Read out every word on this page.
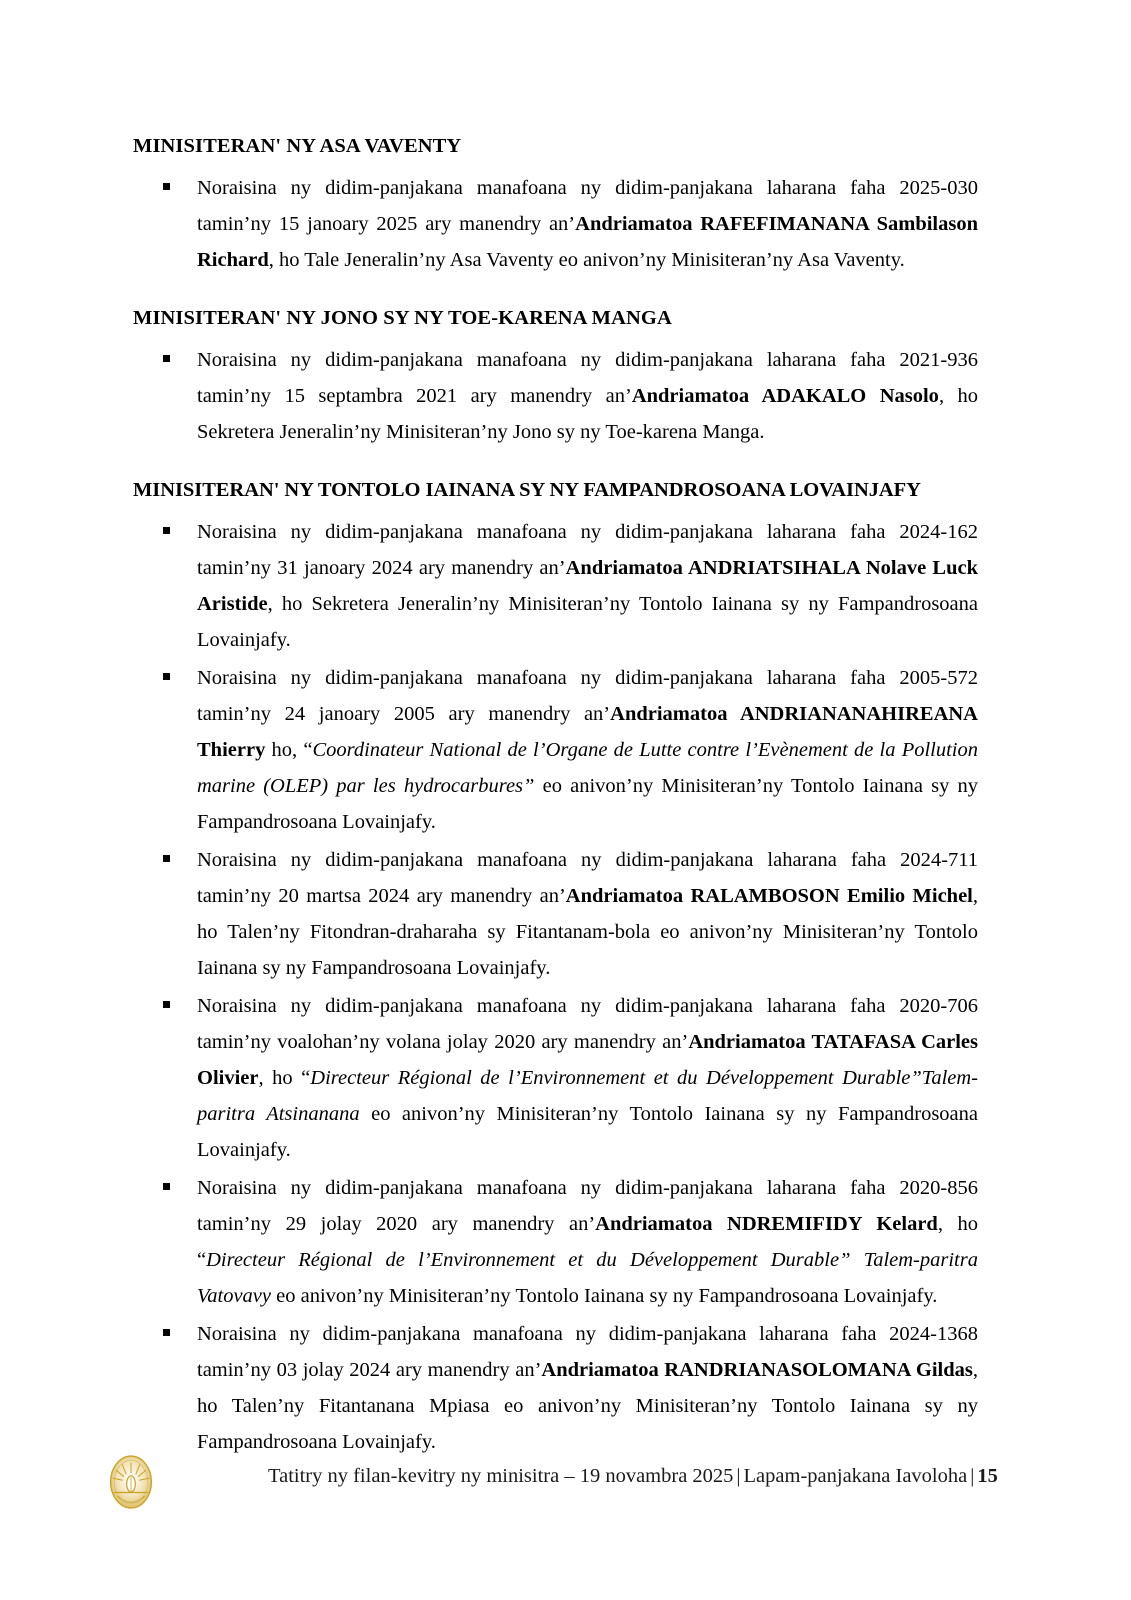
MINISITERAN' NY ASA VAVENTY
Noraisina ny didim-panjakana manafoana ny didim-panjakana laharana faha 2025-030 tamin’ny 15 janoary 2025 ary manendry an’Andriamatoa RAFEFIMANANA Sambilason Richard, ho Tale Jeneralin’ny Asa Vaventy eo anivon’ny Minisiteran’ny Asa Vaventy.
MINISITERAN' NY JONO SY NY TOE-KARENA MANGA
Noraisina ny didim-panjakana manafoana ny didim-panjakana laharana faha 2021-936 tamin’ny 15 septambra 2021 ary manendry an’Andriamatoa ADAKALO Nasolo, ho Sekretera Jeneralin’ny Minisiteran’ny Jono sy ny Toe-karena Manga.
MINISITERAN' NY TONTOLO IAINANA SY NY FAMPANDROSOANA LOVAINJAFY
Noraisina ny didim-panjakana manafoana ny didim-panjakana laharana faha 2024-162 tamin’ny 31 janoary 2024 ary manendry an’Andriamatoa ANDRIATSIHALA Nolave Luck Aristide, ho Sekretera Jeneralin’ny Minisiteran’ny Tontolo Iainana sy ny Fampandrosoana Lovainjafy.
Noraisina ny didim-panjakana manafoana ny didim-panjakana laharana faha 2005-572 tamin’ny 24 janoary 2005 ary manendry an’Andriamatoa ANDRIANANAHIREANA Thierry ho, “Coordinateur National de l’Organe de Lutte contre l’Evènement de la Pollution marine (OLEP) par les hydrocarbures” eo anivon’ny Minisiteran’ny Tontolo Iainana sy ny Fampandrosoana Lovainjafy.
Noraisina ny didim-panjakana manafoana ny didim-panjakana laharana faha 2024-711 tamin’ny 20 martsa 2024 ary manendry an’Andriamatoa RALAMBOSON Emilio Michel, ho Talen’ny Fitondran-draharaha sy Fitantanam-bola eo anivon’ny Minisiteran’ny Tontolo Iainana sy ny Fampandrosoana Lovainjafy.
Noraisina ny didim-panjakana manafoana ny didim-panjakana laharana faha 2020-706 tamin’ny voalohan’ny volana jolay 2020 ary manendry an’Andriamatoa TATAFASA Carles Olivier, ho “Directeur Régional de l’Environnement et du Développement Durable”Talem-paritra Atsinanana eo anivon’ny Minisiteran’ny Tontolo Iainana sy ny Fampandrosoana Lovainjafy.
Noraisina ny didim-panjakana manafoana ny didim-panjakana laharana faha 2020-856 tamin’ny 29 jolay 2020 ary manendry an’Andriamatoa NDREMIFIDY Kelard, ho “Directeur Régional de l’Environnement et du Développement Durable” Talem-paritra Vatovavy eo anivon’ny Minisiteran’ny Tontolo Iainana sy ny Fampandrosoana Lovainjafy.
Noraisina ny didim-panjakana manafoana ny didim-panjakana laharana faha 2024-1368 tamin’ny 03 jolay 2024 ary manendry an’Andriamatoa RANDRIANASOLOMANA Gildas, ho Talen’ny Fitantanana Mpiasa eo anivon’ny Minisiteran’ny Tontolo Iainana sy ny Fampandrosoana Lovainjafy.
Tatitry ny filan-kevitry ny minisitra – 19 novambra 2025 | Lapam-panjakana Iavoloha | 15
